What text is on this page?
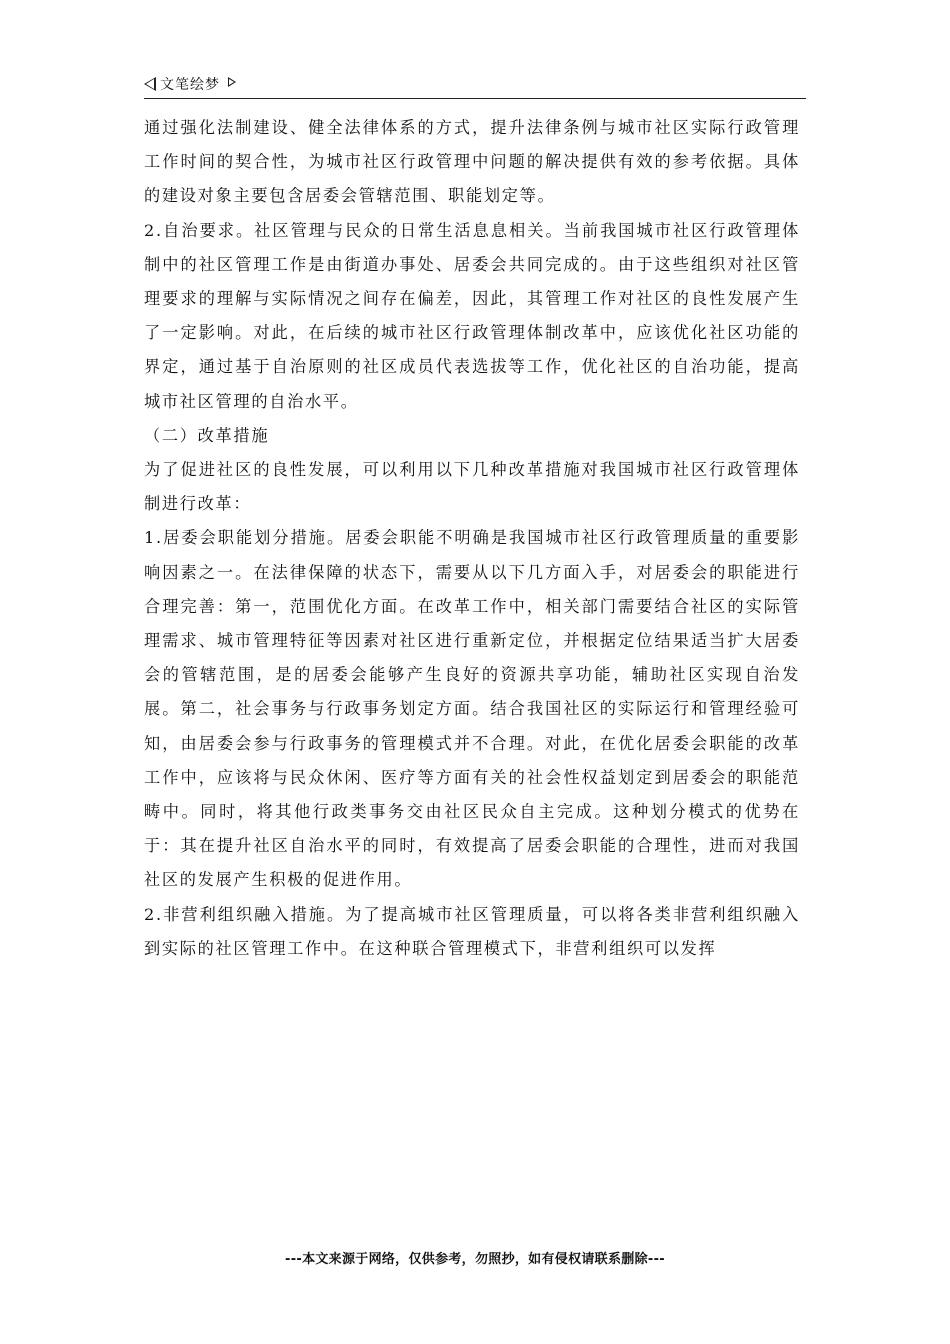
文笔绘梦

通过强化法制建设、健全法律体系的方式，提升法律条例与城市社区实际行政管理工作时间的契合性，为城市社区行政管理中问题的解决提供有效的参考依据。具体的建设对象主要包含居委会管辖范围、职能划定等。

2.自治要求。社区管理与民众的日常生活息息相关。当前我国城市社区行政管理体制中的社区管理工作是由街道办事处、居委会共同完成的。由于这些组织对社区管理要求的理解与实际情况之间存在偏差，因此，其管理工作对社区的良性发展产生了一定影响。对此，在后续的城市社区行政管理体制改革中，应该优化社区功能的界定，通过基于自治原则的社区成员代表选拔等工作，优化社区的自治功能，提高城市社区管理的自治水平。

（二）改革措施

为了促进社区的良性发展，可以利用以下几种改革措施对我国城市社区行政管理体制进行改革：

1.居委会职能划分措施。居委会职能不明确是我国城市社区行政管理质量的重要影响因素之一。在法律保障的状态下，需要从以下几方面入手，对居委会的职能进行合理完善：第一，范围优化方面。在改革工作中，相关部门需要结合社区的实际管理需求、城市管理特征等因素对社区进行重新定位，并根据定位结果适当扩大居委会的管辖范围，是的居委会能够产生良好的资源共享功能，辅助社区实现自治发展。第二，社会事务与行政事务划定方面。结合我国社区的实际运行和管理经验可知，由居委会参与行政事务的管理模式并不合理。对此，在优化居委会职能的改革工作中，应该将与民众休闲、医疗等方面有关的社会性权益划定到居委会的职能范畴中。同时，将其他行政类事务交由社区民众自主完成。这种划分模式的优势在于：其在提升社区自治水平的同时，有效提高了居委会职能的合理性，进而对我国社区的发展产生积极的促进作用。

2.非营利组织融入措施。为了提高城市社区管理质量，可以将各类非营利组织融入到实际的社区管理工作中。在这种联合管理模式下，非营利组织可以发挥

---本文来源于网络，仅供参考，勿照抄，如有侵权请联系删除---
